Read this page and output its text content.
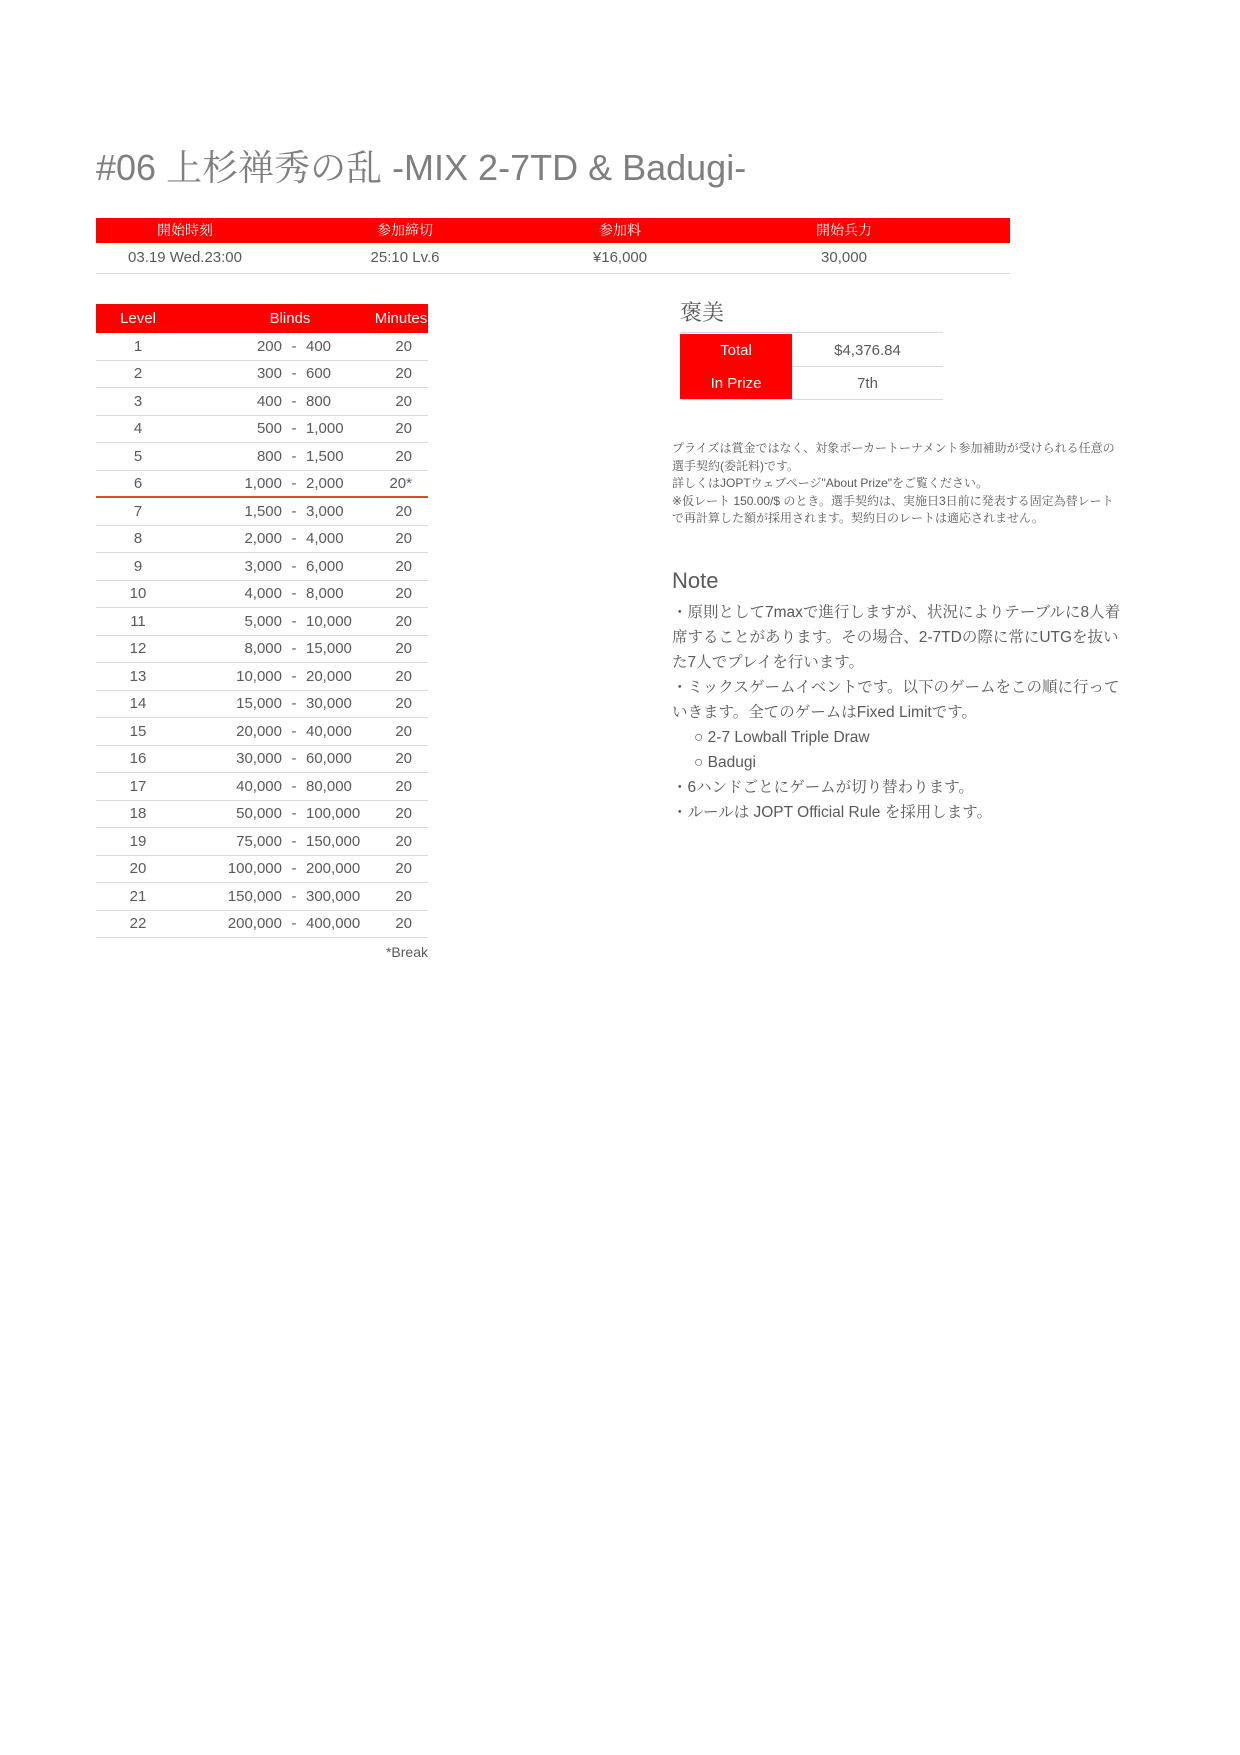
#06 上杉禅秀の乱 -MIX 2-7TD & Badugi-
開始時刻	参加締切	参加料	開始兵力
03.19 Wed.23:00	25:10 Lv.6	¥16,000	30,000
Level	Blinds	Minutes
1	200 - 400	20
2	300 - 600	20
3	400 - 800	20
4	500 - 1,000	20
5	800 - 1,500	20
6	1,000 - 2,000	20*
7	1,500 - 3,000	20
8	2,000 - 4,000	20
9	3,000 - 6,000	20
10	4,000 - 8,000	20
11	5,000 - 10,000	20
12	8,000 - 15,000	20
13	10,000 - 20,000	20
14	15,000 - 30,000	20
15	20,000 - 40,000	20
16	30,000 - 60,000	20
17	40,000 - 80,000	20
18	50,000 - 100,000	20
19	75,000 - 150,000	20
20	100,000 - 200,000	20
21	150,000 - 300,000	20
22	200,000 - 400,000	20
*Break
褒美
Total	$4,376.84
In Prize	7th

プライズは賞金ではなく、対象ポーカートーナメント参加補助が受けられる任意の選手契約(委託料)です。

詳しくはJOPTウェブページ"About Prize"をご覧ください。

※仮レート 150.00/$ のとき。選手契約は、実施日3日前に発表する固定為替レートで再計算した額が採用されます。契約日のレートは適応されません。

Note
・原則として7maxで進行しますが、状況によりテーブルに8人着席することがあります。その場合、2-7TDの際に常にUTGを抜いた7人でプレイを行います。
・ミックスゲームイベントです。以下のゲームをこの順に行っていきます。全てのゲームはFixed Limitです。
○ 2-7 Lowball Triple Draw
○ Badugi
・6ハンドごとにゲームが切り替わります。
・ルールは JOPT Official Rule を採用します。
